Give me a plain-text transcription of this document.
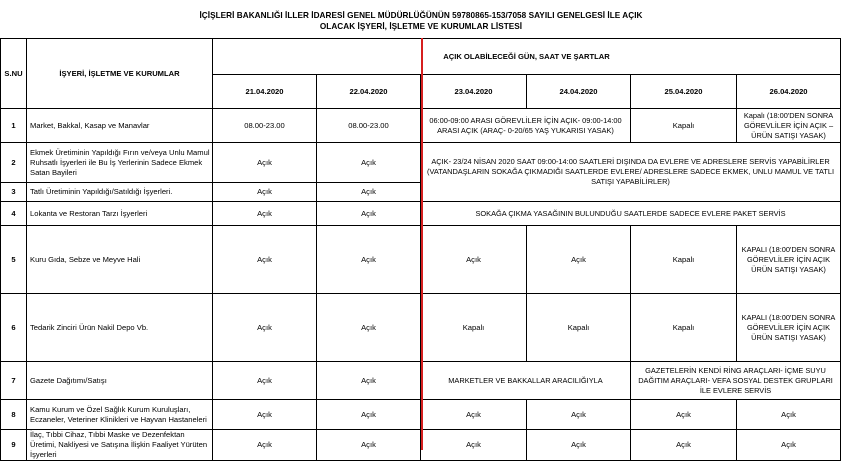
İÇİŞLERİ BAKANLIĞI İLLER İDARESİ GENEL MÜDÜRLÜĞÜNÜN 59780865-153/7058 SAYILI GENELGESİ İLE AÇIK
OLACAK İŞYERİ, İŞLETME VE KURUMLAR LİSTESİ
S.NU	İŞYERİ, İŞLETME VE KURUMLAR	AÇIK OLABİLECEĞİ GÜN, SAAT VE ŞARTLAR					
		21.04.2020	22.04.2020	23.04.2020	24.04.2020	25.04.2020	26.04.2020
1	Market, Bakkal, Kasap ve Manavlar	08.00-23.00	08.00-23.00	06:00-09:00 ARASI GÖREVLİLER İÇİN AÇIK- 09:00-14:00 ARASI AÇIK (ARAÇ- 0-20/65 YAŞ YUKARISI YASAK)		Kapalı	Kapalı (18:00'DEN SONRA GÖREVLİLER İÇİN AÇIK – ÜRÜN SATIŞI YASAK)
2	Ekmek Üretiminin Yapıldığı Fırın ve/veya Unlu Mamul Ruhsatlı İşyerleri ile Bu İş Yerlerinin Sadece Ekmek Satan Bayileri	Açık	Açık	AÇIK- 23/24 NİSAN 2020 SAAT 09:00-14:00 SAATLERİ DIŞINDA DA EVLERE VE ADRESLERE SERVİS YAPABİLİRLER (VATANDAŞLARIN SOKAĞA ÇIKMADIĞI SAATLERDE EVLERE/ ADRESLERE SADECE EKMEK, UNLU MAMUL VE TATLI SATIŞI YAPABİLİRLER)			
3	Tatlı Üretiminin Yapıldığı/Satıldığı İşyerleri.	Açık	Açık				
4	Lokanta ve Restoran Tarzı İşyerleri	Açık	Açık	SOKAĞA ÇIKMA YASAĞININ BULUNDUĞU SAATLERDE SADECE EVLERE PAKET SERVİS			
5	Kuru Gıda, Sebze ve Meyve Hali	Açık	Açık	Açık	Açık	Kapalı	KAPALI (18:00'DEN SONRA GÖREVLİLER İÇİN AÇIK ÜRÜN SATIŞI YASAK)
6	Tedarik Zinciri Ürün Nakil Depo Vb.	Açık	Açık	Kapalı	Kapalı	Kapalı	KAPALI (18:00'DEN SONRA GÖREVLİLER İÇİN AÇIK ÜRÜN SATIŞI YASAK)
7	Gazete Dağıtımı/Satışı	Açık	Açık	MARKETLER VE BAKKALLAR ARACILIĞIYLA		GAZETELERİN KENDİ RİNG ARAÇLARI- İÇME SUYU DAĞITIM ARAÇLARI- VEFA SOSYAL DESTEK GRUPLARI İLE EVLERE SERVİS	
8	Kamu Kurum ve Özel Sağlık Kurum Kuruluşları, Eczaneler, Veteriner Klinikleri ve Hayvan Hastaneleri	Açık	Açık	Açık	Açık	Açık	Açık
9	İlaç, Tıbbi Cihaz, Tıbbi Maske ve Dezenfektan Üretimi, Nakliyesi ve Satışına İlişkin Faaliyet Yürüten İşyerleri	Açık	Açık	Açık	Açık	Açık	Açık
